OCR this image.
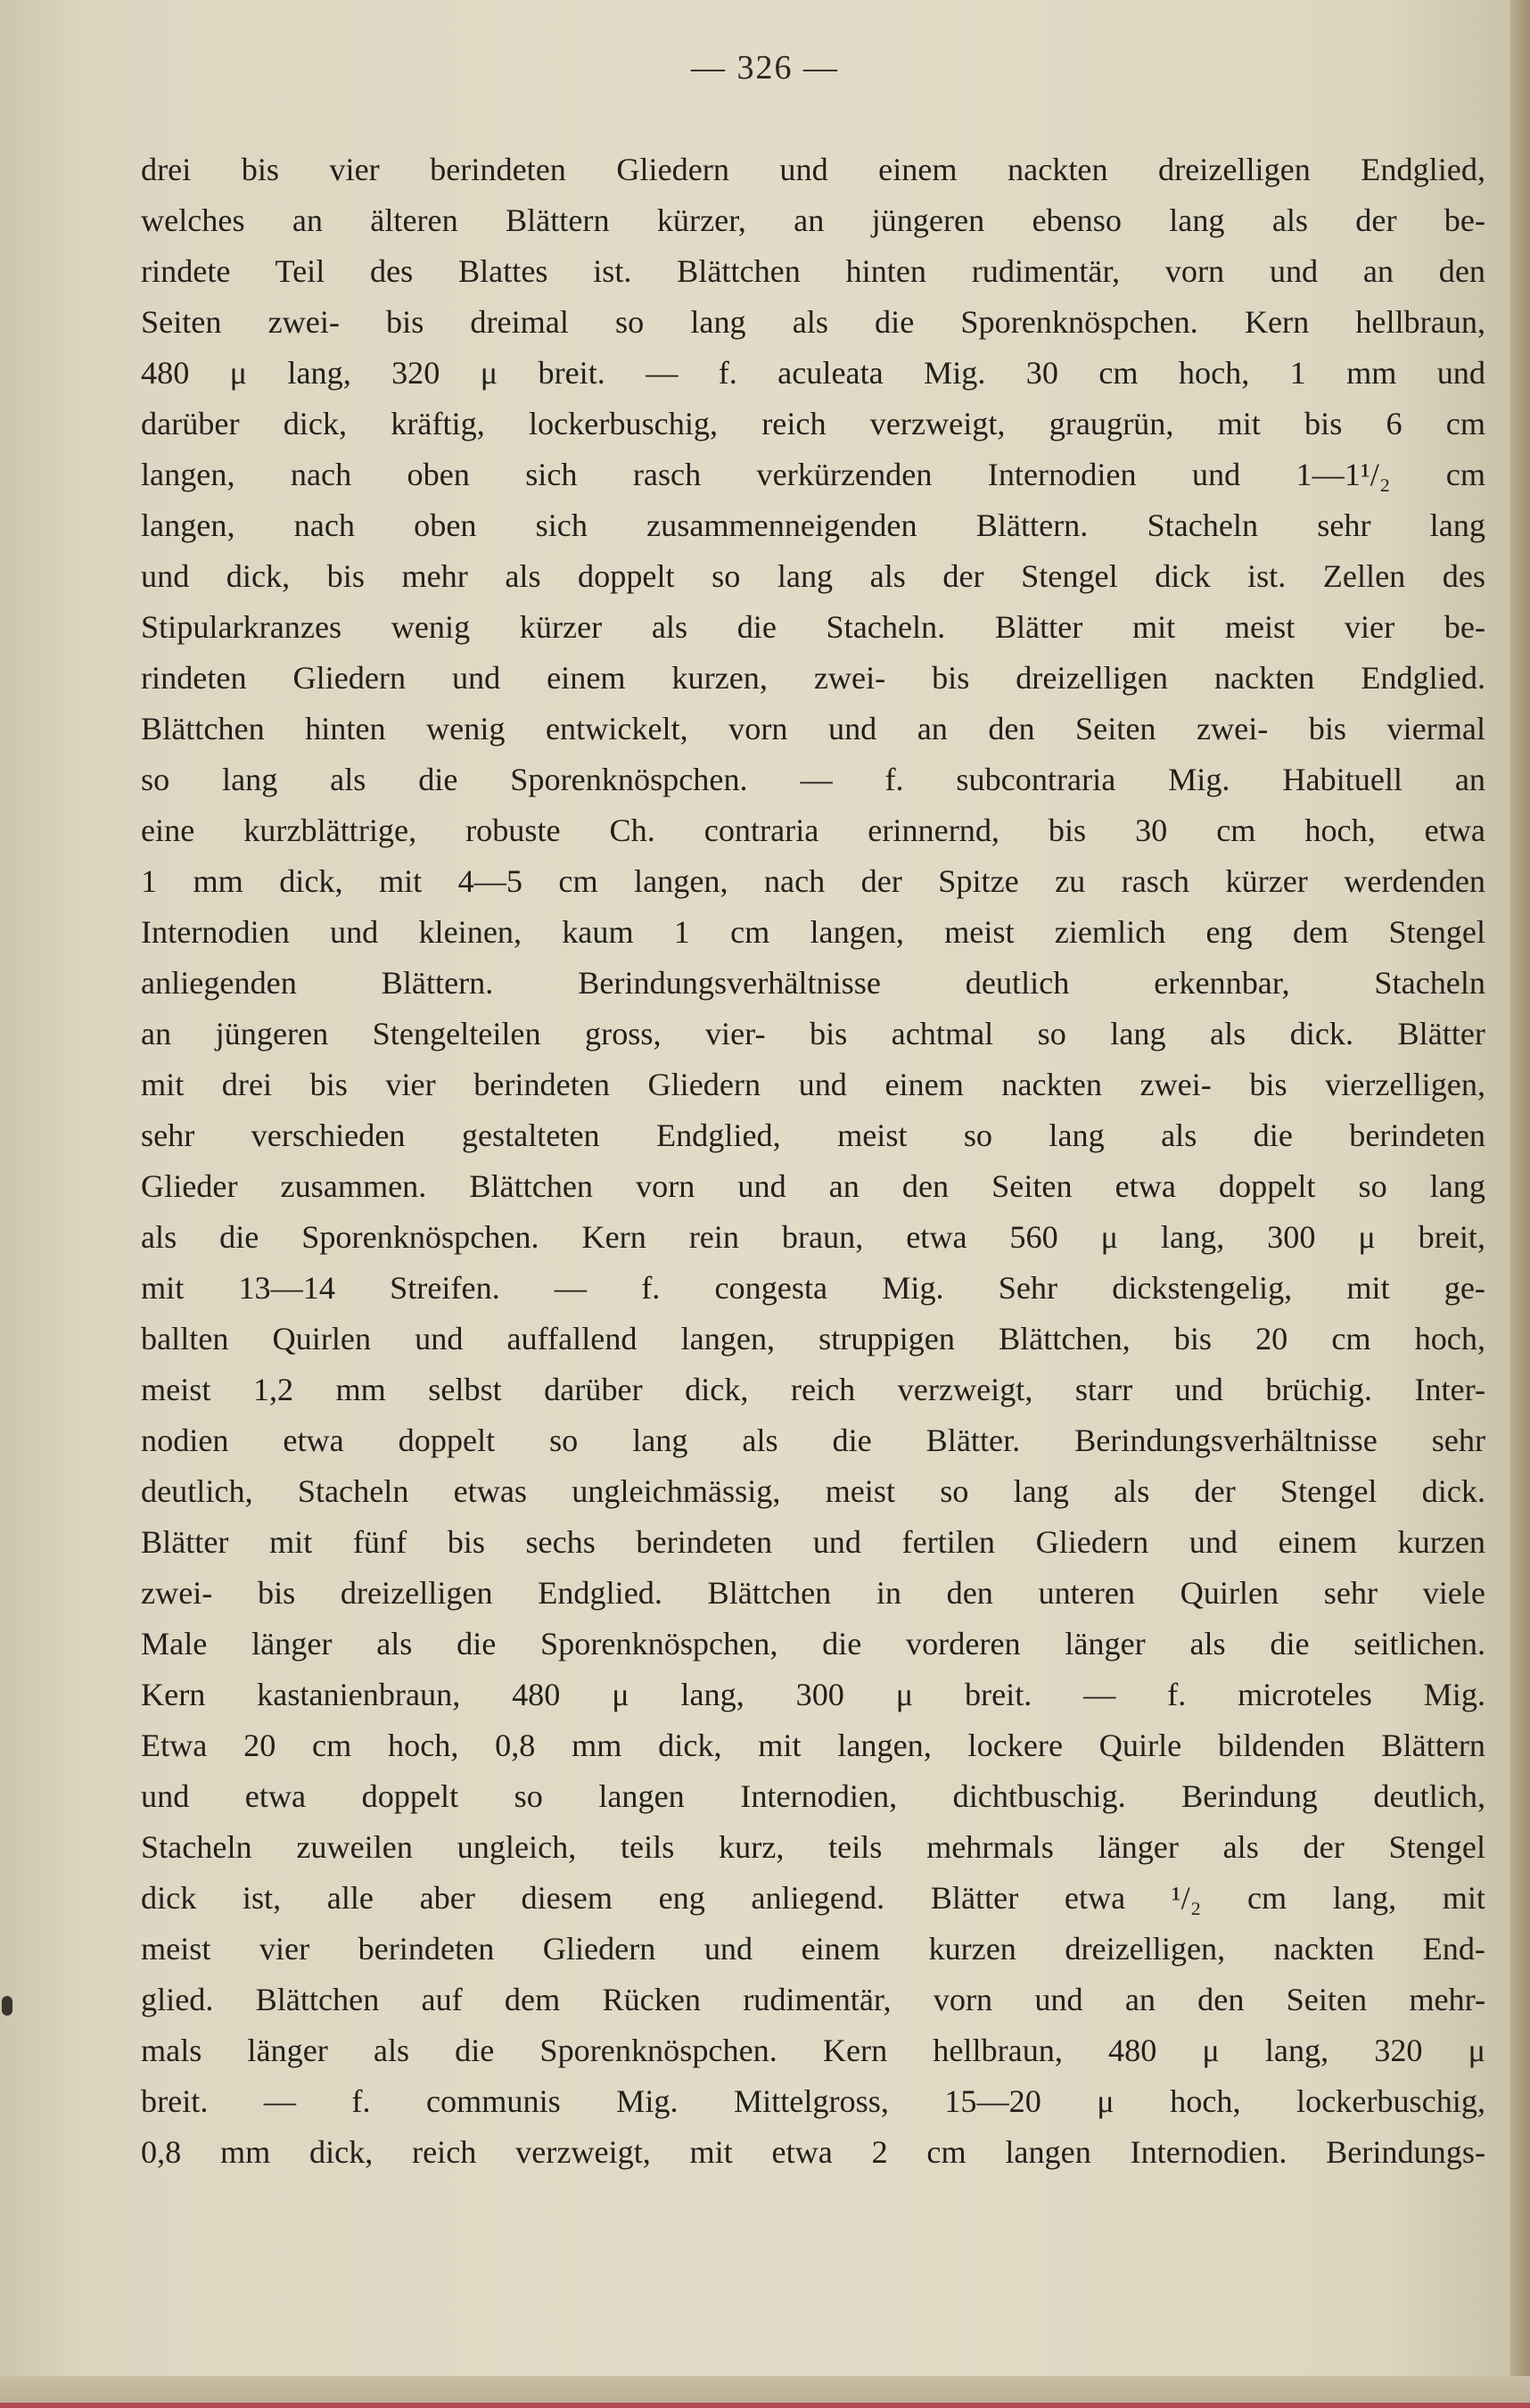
— 326 —
drei bis vier berindeten Gliedern und einem nackten dreizelligen Endglied,
welches an älteren Blättern kürzer, an jüngeren ebenso lang als der be-
rindete Teil des Blattes ist. Blättchen hinten rudimentär, vorn und an den
Seiten zwei- bis dreimal so lang als die Sporenknöspchen. Kern hellbraun,
480 μ lang, 320 μ breit. — f. aculeata Mig. 30 cm hoch, 1 mm und
darüber dick, kräftig, lockerbuschig, reich verzweigt, graugrün, mit bis 6 cm
langen, nach oben sich rasch verkürzenden Internodien und 1—1¹/₂ cm
langen, nach oben sich zusammenneigenden Blättern. Stacheln sehr lang
und dick, bis mehr als doppelt so lang als der Stengel dick ist. Zellen des
Stipularkranzes wenig kürzer als die Stacheln. Blätter mit meist vier be-
rindeten Gliedern und einem kurzen, zwei- bis dreizelligen nackten Endglied.
Blättchen hinten wenig entwickelt, vorn und an den Seiten zwei- bis viermal
so lang als die Sporenknöspchen. — f. subcontraria Mig. Habituell an
eine kurzblättrige, robuste Ch. contraria erinnernd, bis 30 cm hoch, etwa
1 mm dick, mit 4—5 cm langen, nach der Spitze zu rasch kürzer werdenden
Internodien und kleinen, kaum 1 cm langen, meist ziemlich eng dem Stengel
anliegenden Blättern. Berindungsverhältnisse deutlich erkennbar, Stacheln
an jüngeren Stengelteilen gross, vier- bis achtmal so lang als dick. Blätter
mit drei bis vier berindeten Gliedern und einem nackten zwei- bis vierzelligen,
sehr verschieden gestalteten Endglied, meist so lang als die berindeten
Glieder zusammen. Blättchen vorn und an den Seiten etwa doppelt so lang
als die Sporenknöspchen. Kern rein braun, etwa 560 μ lang, 300 μ breit,
mit 13—14 Streifen. — f. congesta Mig. Sehr dickstengelig, mit ge-
ballten Quirlen und auffallend langen, struppigen Blättchen, bis 20 cm hoch,
meist 1,2 mm selbst darüber dick, reich verzweigt, starr und brüchig. Inter-
nodien etwa doppelt so lang als die Blätter. Berindungsverhältnisse sehr
deutlich, Stacheln etwas ungleichmässig, meist so lang als der Stengel dick.
Blätter mit fünf bis sechs berindeten und fertilen Gliedern und einem kurzen
zwei- bis dreizelligen Endglied. Blättchen in den unteren Quirlen sehr viele
Male länger als die Sporenknöspchen, die vorderen länger als die seitlichen.
Kern kastanienbraun, 480 μ lang, 300 μ breit. — f. microteles Mig.
Etwa 20 cm hoch, 0,8 mm dick, mit langen, lockere Quirle bildenden Blättern
und etwa doppelt so langen Internodien, dichtbuschig. Berindung deutlich,
Stacheln zuweilen ungleich, teils kurz, teils mehrmals länger als der Stengel
dick ist, alle aber diesem eng anliegend. Blätter etwa ¹/₂ cm lang, mit
meist vier berindeten Gliedern und einem kurzen dreizelligen, nackten End-
glied. Blättchen auf dem Rücken rudimentär, vorn und an den Seiten mehr-
mals länger als die Sporenknöspchen. Kern hellbraun, 480 μ lang, 320 μ
breit. — f. communis Mig. Mittelgross, 15—20 μ hoch, lockerbuschig,
0,8 mm dick, reich verzweigt, mit etwa 2 cm langen Internodien. Berindungs-
